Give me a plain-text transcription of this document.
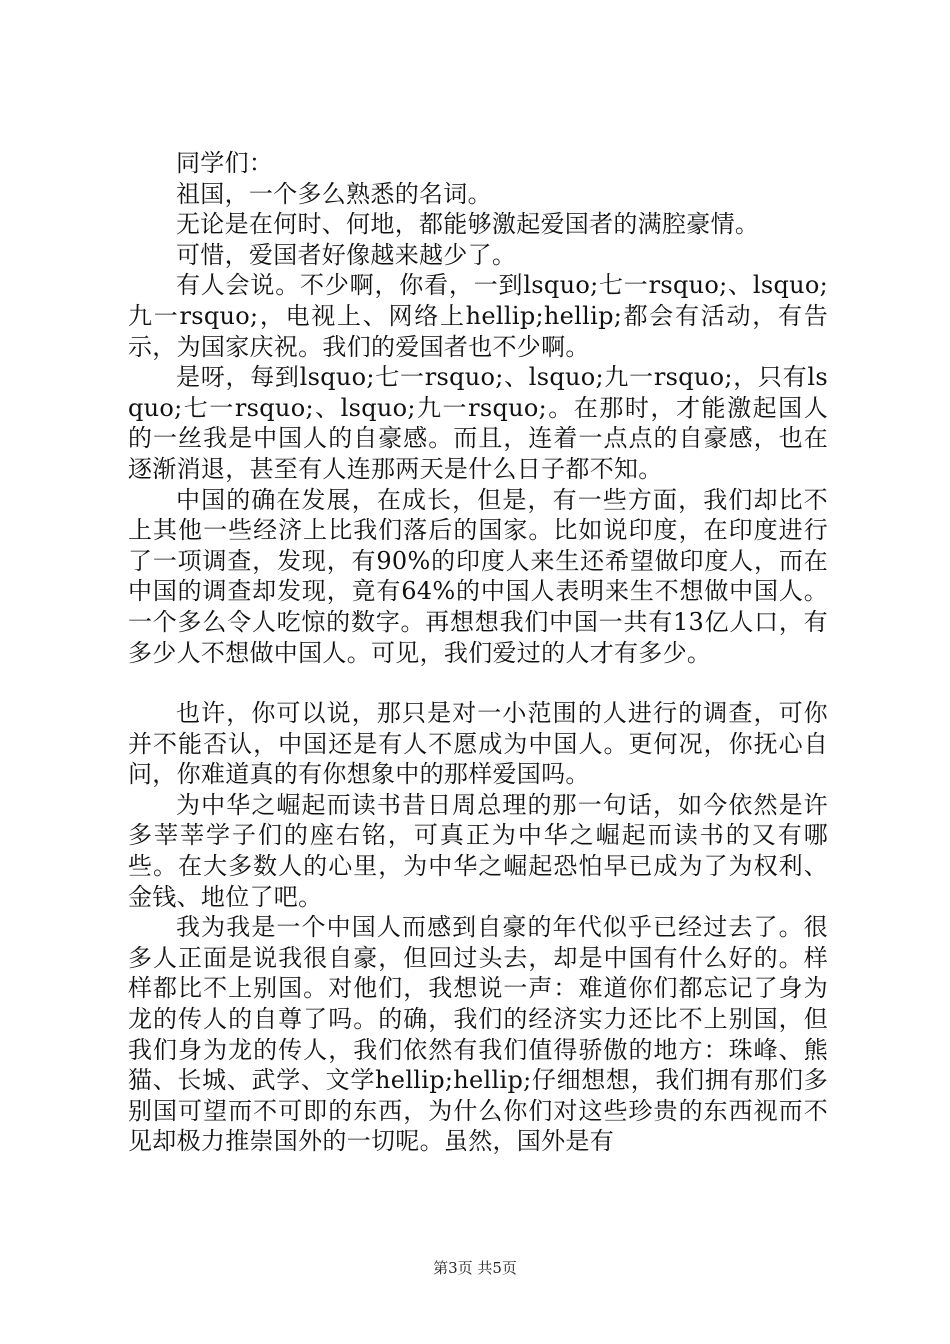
同学们：

祖国，一个多么熟悉的名词。

无论是在何时、何地，都能够激起爱国者的满腔豪情。

可惜，爱国者好像越来越少了。

有人会说。不少啊，你看，一到lsquo;七一rsquo;、lsquo;九一rsquo;，电视上、网络上hellip;hellip;都会有活动，有告示，为国家庆祝。我们的爱国者也不少啊。

是呀，每到lsquo;七一rsquo;、lsquo;九一rsquo;，只有lsquo;七一rsquo;、lsquo;九一rsquo;。在那时，才能激起国人的一丝我是中国人的自豪感。而且，连着一点点的自豪感，也在逐渐消退，甚至有人连那两天是什么日子都不知。

中国的确在发展，在成长，但是，有一些方面，我们却比不上其他一些经济上比我们落后的国家。比如说印度，在印度进行了一项调查，发现，有90%的印度人来生还希望做印度人，而在中国的调查却发现，竟有64%的中国人表明来生不想做中国人。一个多么令人吃惊的数字。再想想我们中国一共有13亿人口，有多少人不想做中国人。可见，我们爱过的人才有多少。

也许，你可以说，那只是对一小范围的人进行的调查，可你并不能否认，中国还是有人不愿成为中国人。更何况，你抚心自问，你难道真的有你想象中的那样爱国吗。

为中华之崛起而读书昔日周总理的那一句话，如今依然是许多莘莘学子们的座右铭，可真正为中华之崛起而读书的又有哪些。在大多数人的心里，为中华之崛起恐怕早已成为了为权利、金钱、地位了吧。

我为我是一个中国人而感到自豪的年代似乎已经过去了。很多人正面是说我很自豪，但回过头去，却是中国有什么好的。样样都比不上别国。对他们，我想说一声：难道你们都忘记了身为龙的传人的自尊了吗。的确，我们的经济实力还比不上别国，但我们身为龙的传人，我们依然有我们值得骄傲的地方：珠峰、熊猫、长城、武学、文学hellip;hellip;仔细想想，我们拥有那们多别国可望而不可即的东西，为什么你们对这些珍贵的东西视而不见却极力推崇国外的一切呢。虽然，国外是有

第3页 共5页
